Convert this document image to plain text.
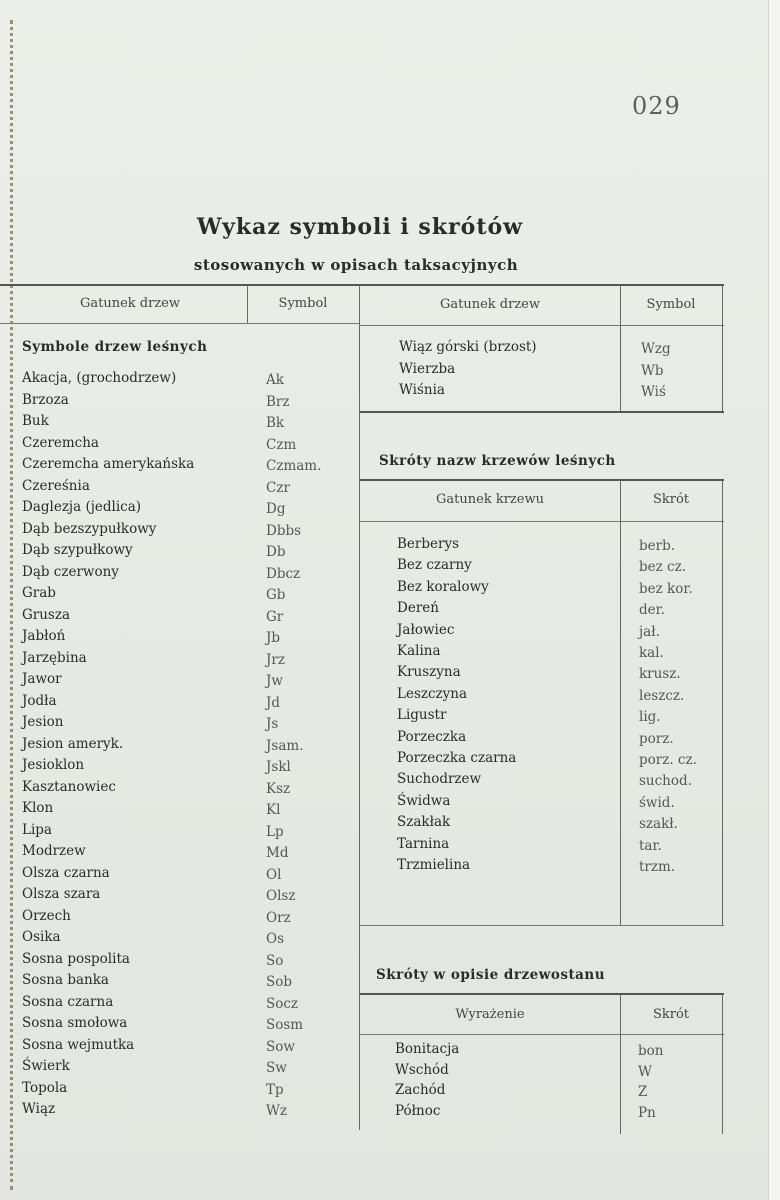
029
Wykaz symboli i skrótów
stosowanych w opisach taksacyjnych
Gatunek drzew	Symbol
Symbole drzew leśnych
Akacja, (grochodrzew)	Ak
Brzoza	Brz
Buk	Bk
Czeremcha	Czm
Czeremcha amerykańska	Czmam.
Czereśnia	Czr
Daglezja (jedlica)	Dg
Dąb bezszypułkowy	Dbbs
Dąb szypułkowy	Db
Dąb czerwony	Dbcz
Grab	Gb
Grusza	Gr
Jabłoń	Jb
Jarzębina	Jrz
Jawor	Jw
Jodła	Jd
Jesion	Js
Jesion ameryk.	Jsam.
Jesioklon	Jskl
Kasztanowiec	Ksz
Klon	Kl
Lipa	Lp
Modrzew	Md
Olsza czarna	Ol
Olsza szara	Olsz
Orzech	Orz
Osika	Os
Sosna pospolita	So
Sosna banka	Sob
Sosna czarna	Socz
Sosna smołowa	Sosm
Sosna wejmutka	Sow
Świerk	Sw
Topola	Tp
Wiąz	Wz
Gatunek drzew	Symbol
Wiąz górski (brzost)	Wzg
Wierzba	Wb
Wiśnia	Wiś
Skróty nazw krzewów leśnych
Gatunek krzewu	Skrót
Berberys	berb.
Bez czarny	bez cz.
Bez koralowy	bez kor.
Dereń	der.
Jałowiec	jał.
Kalina	kal.
Kruszyna	krusz.
Leszczyna	leszcz.
Ligustr	lig.
Porzeczka	porz.
Porzeczka czarna	porz. cz.
Suchodrzew	suchod.
Świdwa	świd.
Szakłak	szakł.
Tarnina	tar.
Trzmielina	trzm.
Skróty w opisie drzewostanu
Wyrażenie	Skrót
Bonitacja	bon
Wschód	W
Zachód	Z
Północ	Pn
